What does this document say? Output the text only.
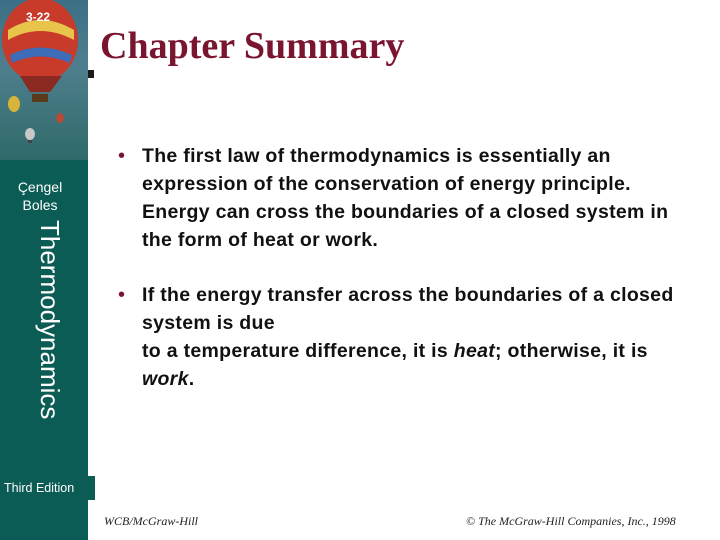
3-22
Çengel
Boles
Thermodynamics
Third Edition
Chapter Summary
• The first law of thermodynamics is essentially an expression of the conservation of energy principle. Energy can cross the boundaries of a closed system in the form of heat or work.
• If the energy transfer across the boundaries of a closed system is due
to a temperature difference, it is heat; otherwise, it is work.
WCB/McGraw-Hill	© The McGraw-Hill Companies, Inc., 1998
